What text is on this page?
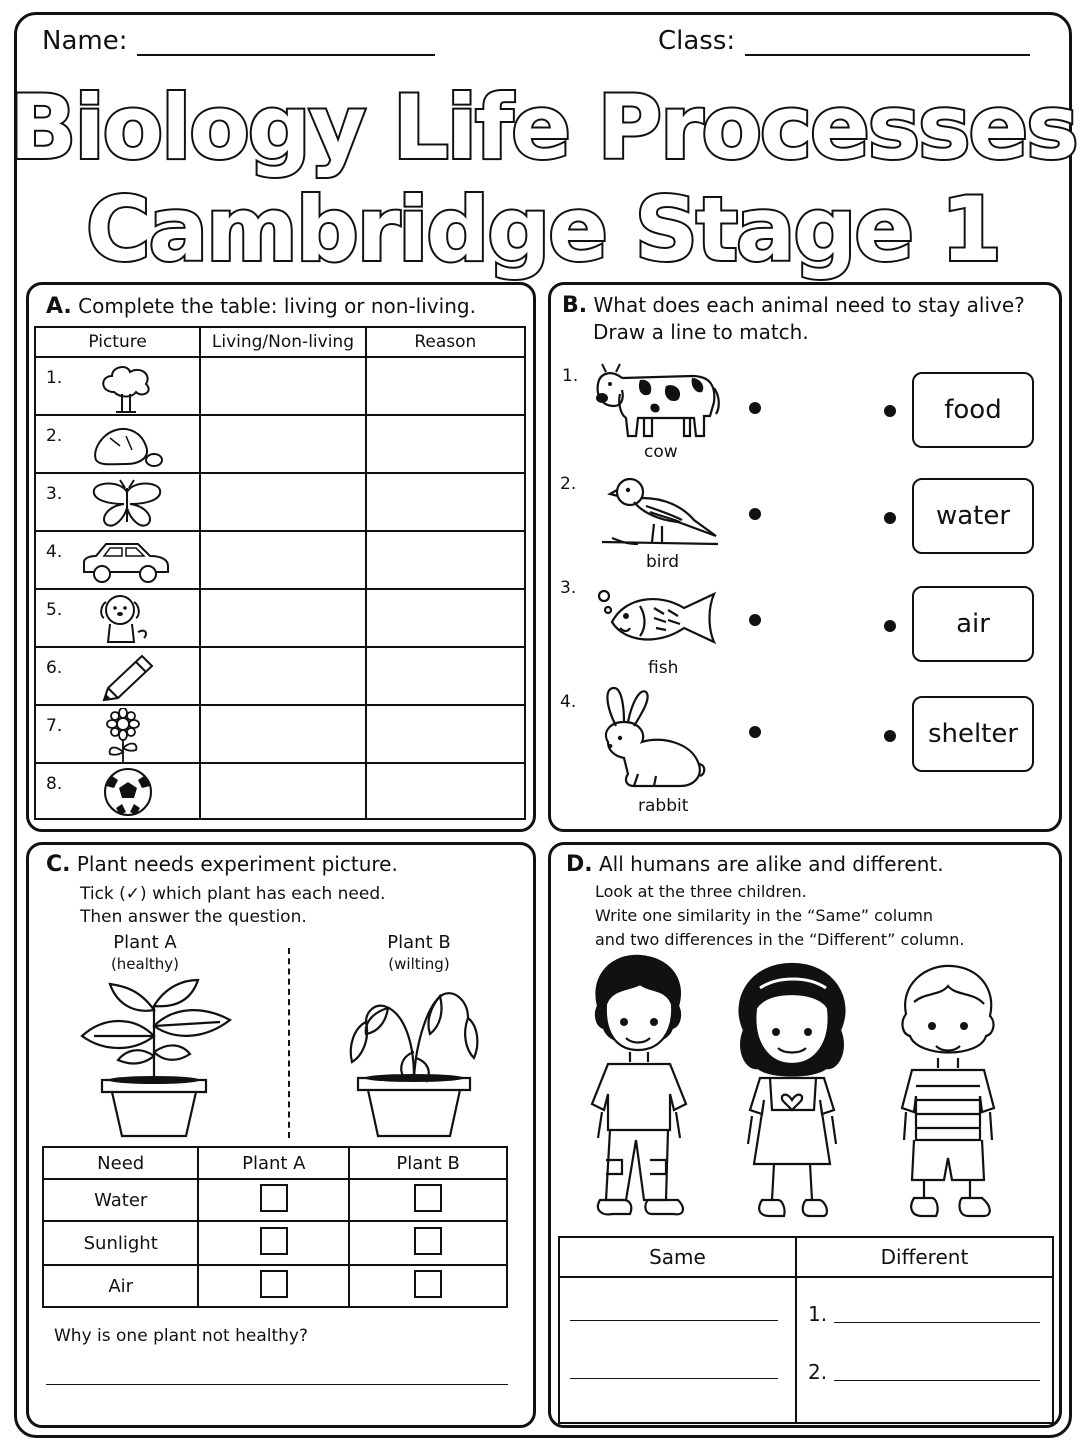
Name:	Class:
Biology Life Processes
Cambridge Stage 1
A. Complete the table: living or non-living.
Picture	Living/Non-living	Reason

1.		

2.		

3.		

4.		

5.		

6.		

7.		

8.		

B. What does each animal need to stay alive?
Draw a line to match.
1.
2.
3.
4.
cow
bird
fish
rabbit
food
water
air
shelter
C. Plant needs experiment picture.
Tick (✓) which plant has each need.
Then answer the question.
Plant A
(healthy)
Plant B
(wilting)
Need	Plant A	Plant B
Water		
Sunlight		
Air		
Why is one plant not healthy?
D. All humans are alike and different.
Look at the three children.
Write one similarity in the “Same” column
and two differences in the “Different” column.
Same	Different

1.
2.
